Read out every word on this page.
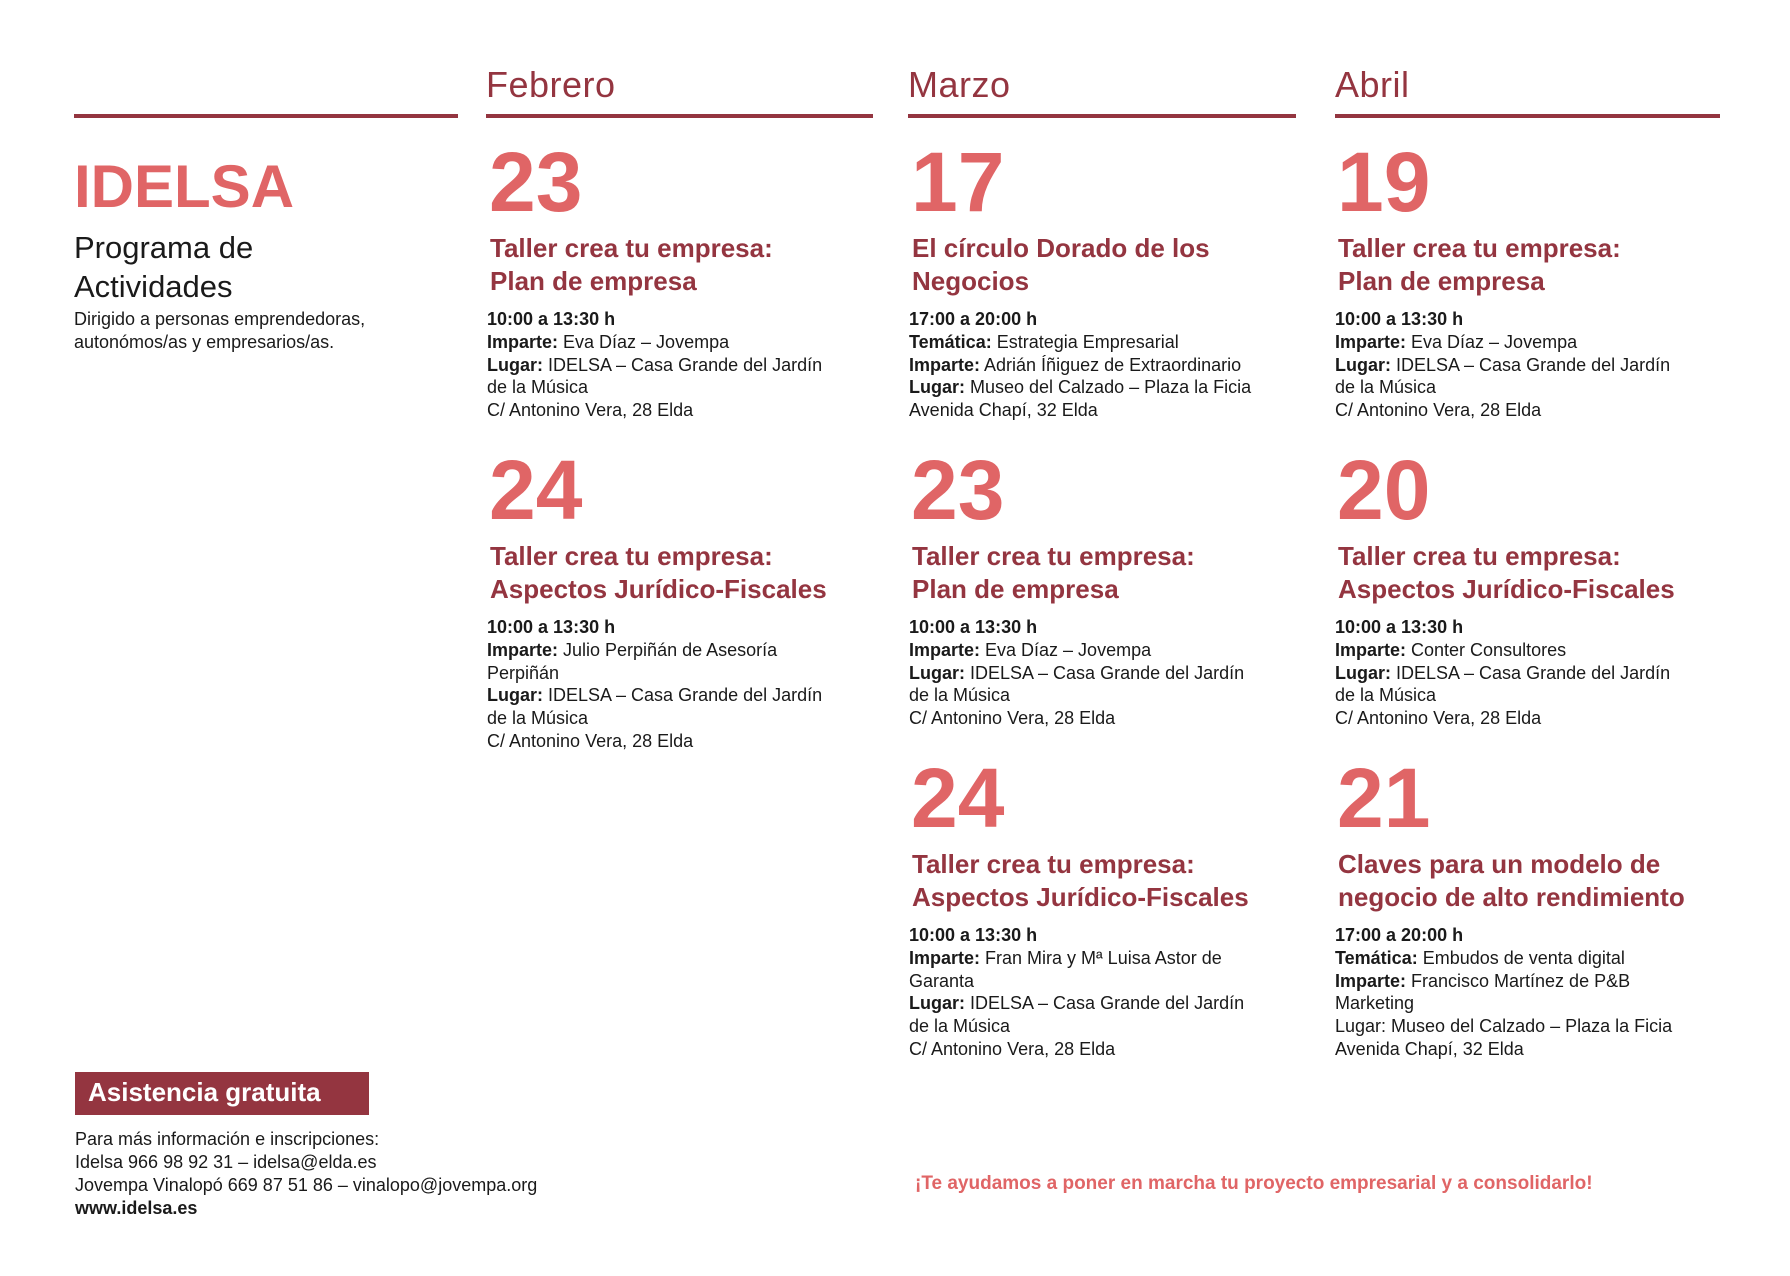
Febrero	Marzo	Abril
IDELSA
Programa de
Actividades
Dirigido a personas emprendedoras,
autonómos/as y empresarios/as.
23
Taller crea tu empresa:
Plan de empresa
10:00 a 13:30 h
Imparte: Eva Díaz – Jovempa
Lugar: IDELSA – Casa Grande del Jardín
de la Música
C/ Antonino Vera, 28 Elda
24
Taller crea tu empresa:
Aspectos Jurídico-Fiscales
10:00 a 13:30 h
Imparte: Julio Perpiñán de Asesoría
Perpiñán
Lugar: IDELSA – Casa Grande del Jardín
de la Música
C/ Antonino Vera, 28 Elda
17
El círculo Dorado de los
Negocios
17:00 a 20:00 h
Temática: Estrategia Empresarial
Imparte: Adrián Íñiguez de Extraordinario
Lugar: Museo del Calzado – Plaza la Ficia
Avenida Chapí, 32 Elda
23
Taller crea tu empresa:
Plan de empresa
10:00 a 13:30 h
Imparte: Eva Díaz – Jovempa
Lugar: IDELSA – Casa Grande del Jardín
de la Música
C/ Antonino Vera, 28 Elda
24
Taller crea tu empresa:
Aspectos Jurídico-Fiscales
10:00 a 13:30 h
Imparte: Fran Mira y Mª Luisa Astor de
Garanta
Lugar: IDELSA – Casa Grande del Jardín
de la Música
C/ Antonino Vera, 28 Elda
19
Taller crea tu empresa:
Plan de empresa
10:00 a 13:30 h
Imparte: Eva Díaz – Jovempa
Lugar: IDELSA – Casa Grande del Jardín
de la Música
C/ Antonino Vera, 28 Elda
20
Taller crea tu empresa:
Aspectos Jurídico-Fiscales
10:00 a 13:30 h
Imparte: Conter Consultores
Lugar: IDELSA – Casa Grande del Jardín
de la Música
C/ Antonino Vera, 28 Elda
21
Claves para un modelo de
negocio de alto rendimiento
17:00 a 20:00 h
Temática: Embudos de venta digital
Imparte: Francisco Martínez de P&B
Marketing
Lugar: Museo del Calzado – Plaza la Ficia
Avenida Chapí, 32 Elda
Asistencia gratuita
Para más información e inscripciones:
Idelsa 966 98 92 31 – idelsa@elda.es
Jovempa Vinalopó 669 87 51 86 – vinalopo@jovempa.org
www.idelsa.es
¡Te ayudamos a poner en marcha tu proyecto empresarial y a consolidarlo!
